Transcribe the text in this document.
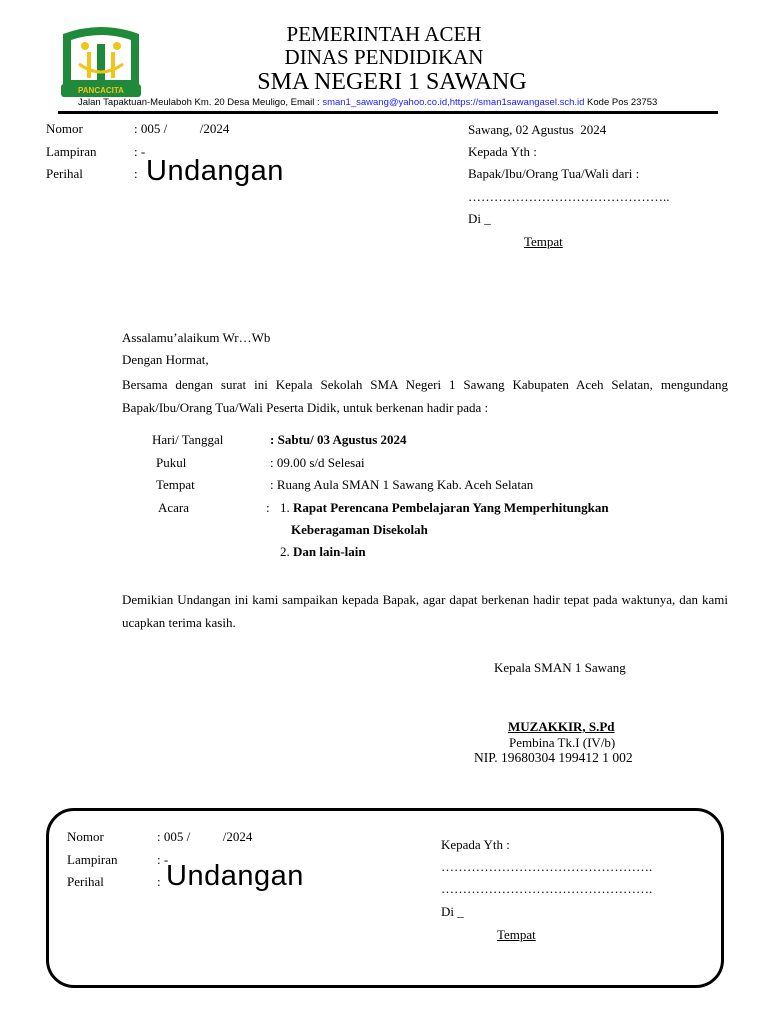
PANCACITA
PEMERINTAH ACEH
DINAS PENDIDIKAN
SMA NEGERI 1 SAWANG
Jalan Tapaktuan-Meulaboh Km. 20 Desa Meuligo, Email : sman1_sawang@yahoo.co.id,https://sman1sawangasel.sch.id Kode Pos 23753
Nomor	: 005 /          /2024
Lampiran	: -
Perihal	: Undangan
Sawang, 02 Agustus  2024
Kepada Yth :
Bapak/Ibu/Orang Tua/Wali dari :
………………………………………..
Di _
Tempat
Assalamu’alaikum Wr…Wb
Dengan Hormat,
Bersama dengan surat ini Kepala Sekolah SMA Negeri 1 Sawang Kabupaten Aceh Selatan, mengundang Bapak/Ibu/Orang Tua/Wali Peserta Didik, untuk berkenan hadir pada :
Hari/ Tanggal	: Sabtu/ 03 Agustus 2024
Pukul	: 09.00 s/d Selesai
Tempat	: Ruang Aula SMAN 1 Sawang Kab. Aceh Selatan
Acara	: 1. Rapat Perencana Pembelajaran Yang Memperhitungkan
Keberagaman Disekolah
2. Dan lain-lain
Demikian Undangan ini kami sampaikan kepada Bapak, agar dapat berkenan hadir tepat pada waktunya, dan kami ucapkan terima kasih.
Kepala SMAN 1 Sawang
MUZAKKIR, S.Pd
Pembina Tk.I (IV/b)
NIP. 19680304 199412 1 002
Nomor	: 005 /          /2024
Lampiran	: -
Perihal	: Undangan
Kepada Yth :
………………………………………….
………………………………………….
Di _
Tempat
